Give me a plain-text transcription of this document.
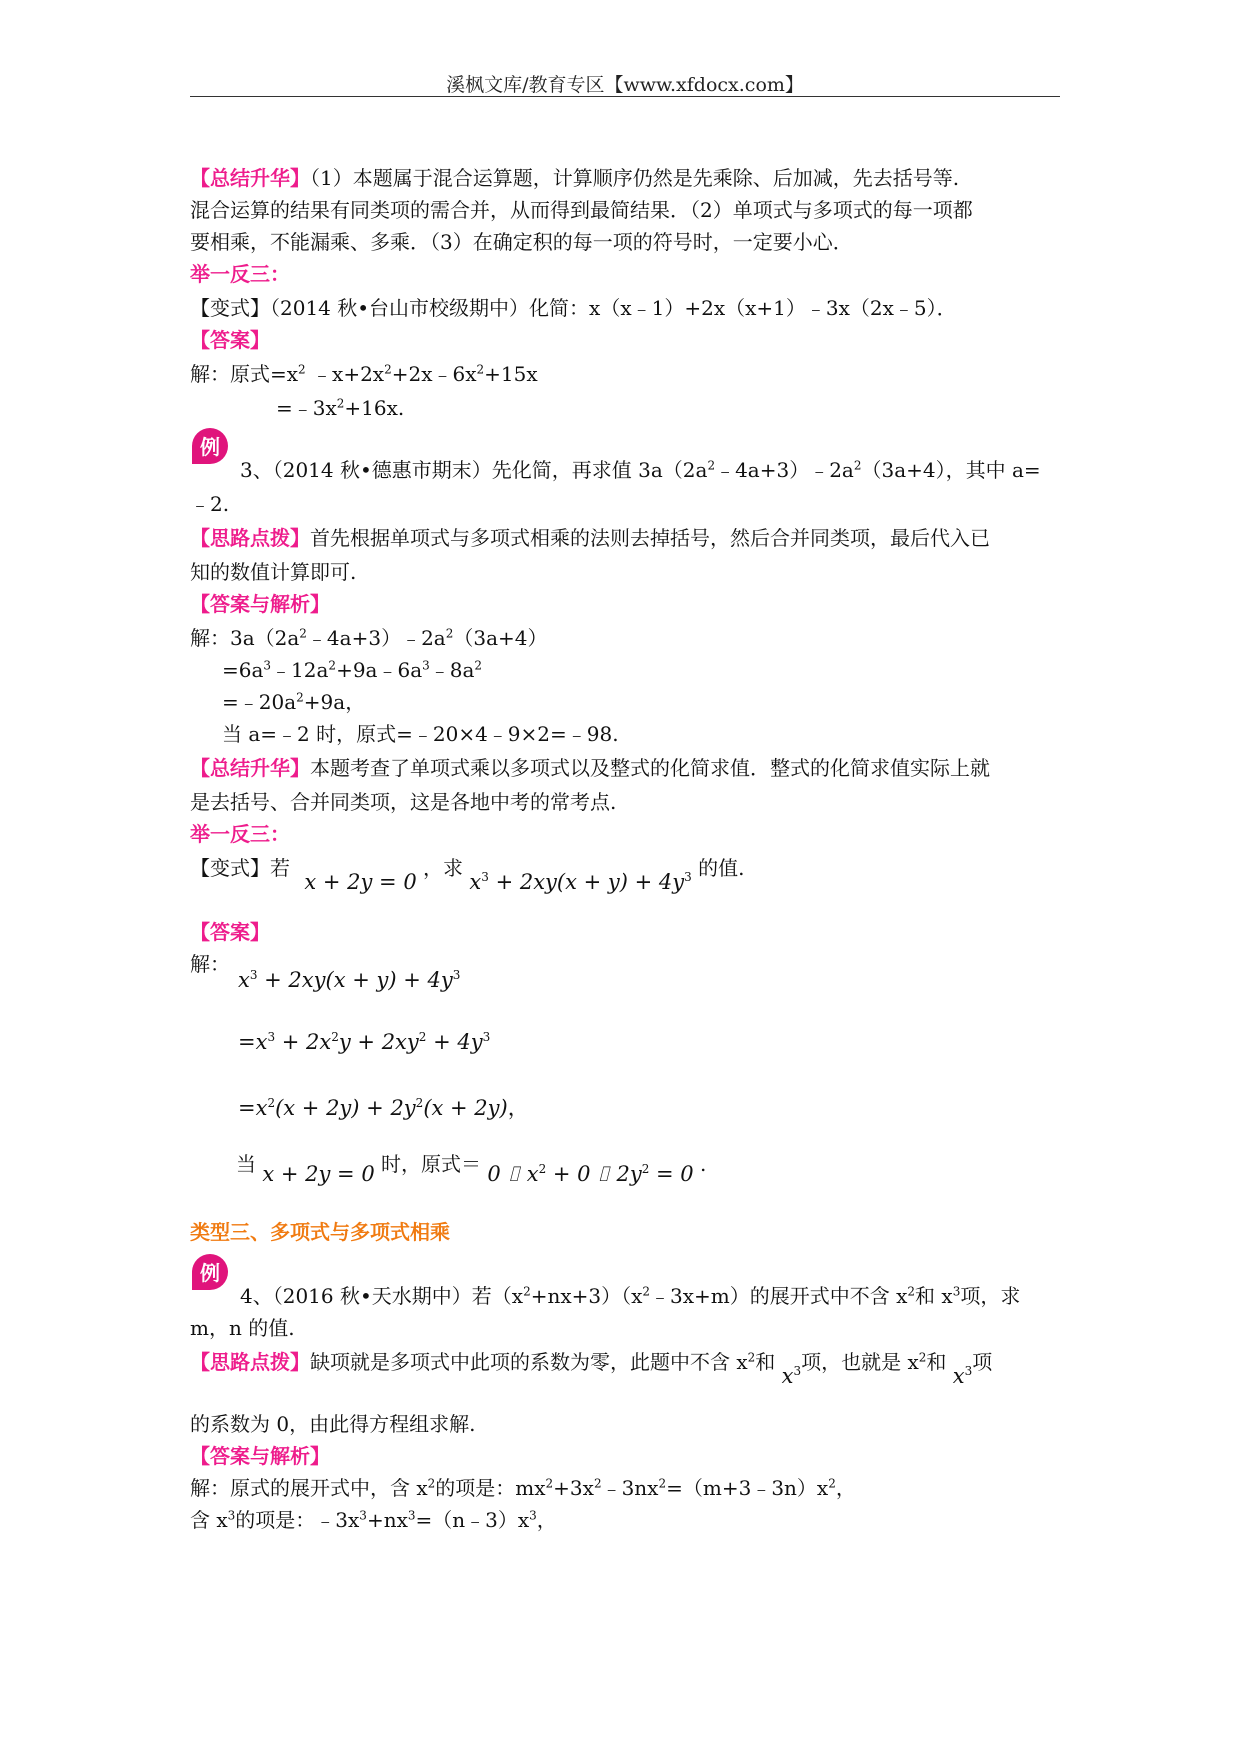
溪枫文库/教育专区【www.xfdocx.com】
【总结升华】（1）本题属于混合运算题，计算顺序仍然是先乘除、后加减，先去括号等.
混合运算的结果有同类项的需合并，从而得到最简结果．（2）单项式与多项式的每一项都
要相乘，不能漏乘、多乘．（3）在确定积的每一项的符号时，一定要小心．
举一反三：
【变式】（2014 秋•台山市校级期中）化简：x（x﹣1）+2x（x+1）﹣3x（2x﹣5）．
【答案】
解：原式$=x^2$ $﹣x+2x^2+2x﹣6x^2+15x$
$=﹣3x^2+16x$.
例
3、（2014 秋•德惠市期末）先化简，再求值 $3a(2a^2﹣4a+3)﹣2a^2(3a+4)$，其中 a=
﹣2.
【思路点拨】首先根据单项式与多项式相乘的法则去掉括号，然后合并同类项，最后代入已
知的数值计算即可.
【答案与解析】
解：$3a(2a^2﹣4a+3)﹣2a^2(3a+4)$
$=6a^3﹣12a^2+9a﹣6a^3﹣8a^2$
$=﹣20a^2+9a$，
当 a=﹣2 时，原式=﹣20×4﹣9×2=﹣98.
【总结升华】本题考查了单项式乘以多项式以及整式的化简求值．整式的化简求值实际上就
是去括号、合并同类项，这是各地中考的常考点.
举一反三：
【变式】若 x + 2y = 0 ，求 $x^3 + 2xy(x + y) + 4y^3$ 的值.
【答案】
解：
$x^3 + 2xy(x + y) + 4y^3$
$=x^3 + 2x^2y + 2xy^2 + 4y^3$
$=x^2(x + 2y) + 2y^2(x + 2y)$，
当 x + 2y = 0 时，原式＝ 0 ⌷ $x^2 + 0$ ⌷ $2y^2 = 0$ .
类型三、多项式与多项式相乘
例
4、（2016 秋•天水期中）若$(x^2+nx+3)(x^2﹣3x+m)$的展开式中不含 $x^2$和 $x^3$项，求
m，n 的值.
【思路点拨】缺项就是多项式中此项的系数为零，此题中不含 $x^2$和 $x^3$项，也就是 $x^2$和 $x^3$项
的系数为 0，由此得方程组求解.
【答案与解析】
解：原式的展开式中，含 $x^2$的项是：$mx^2+3x^2﹣3nx^2=(m+3﹣3n)x^2$，
含 $x^3$的项是：$﹣3x^3+nx^3=(n﹣3)x^3$，
